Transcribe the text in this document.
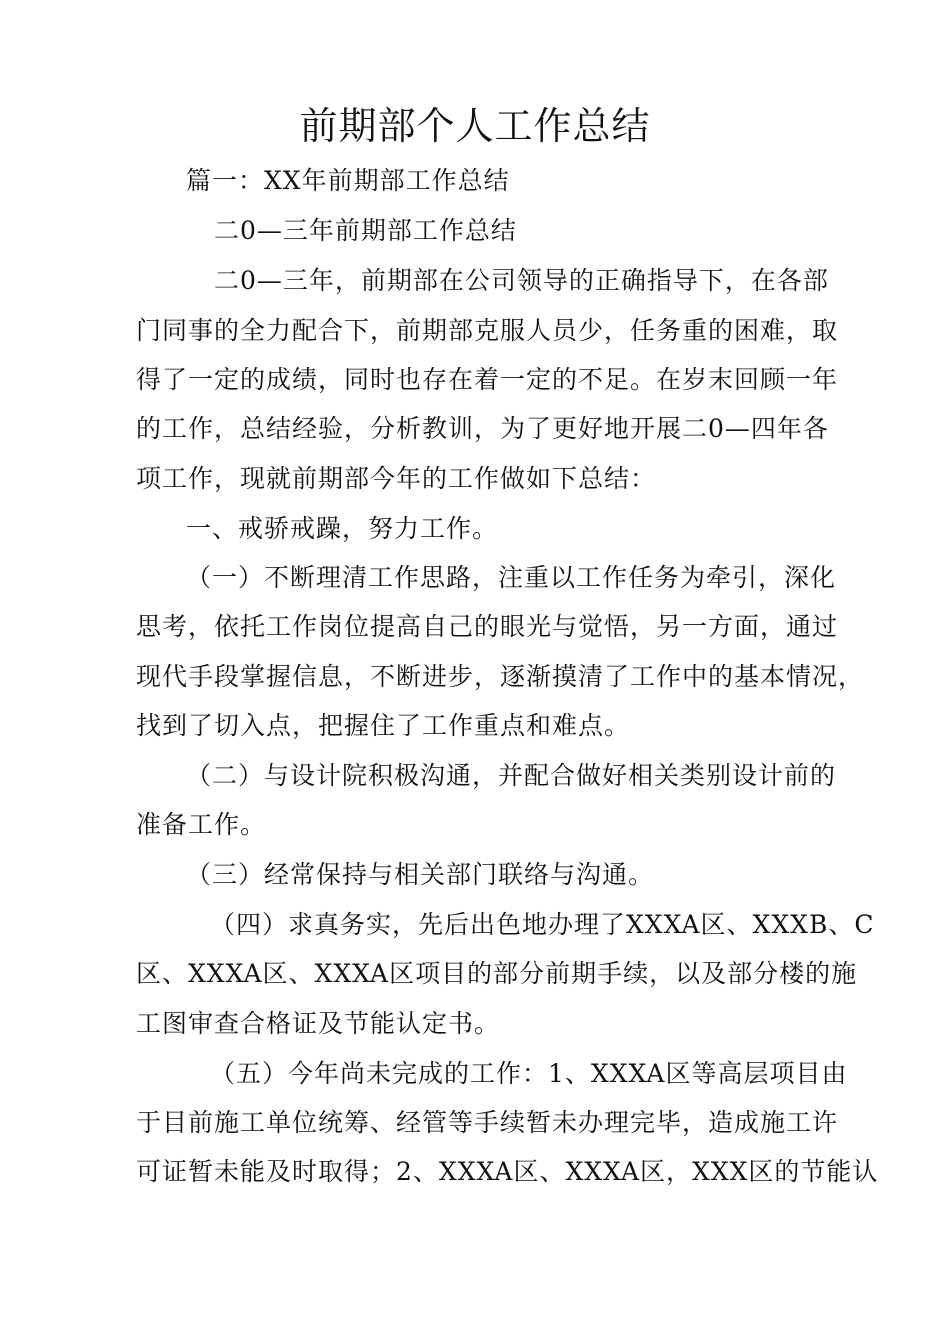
前期部个人工作总结
篇一：XX年前期部工作总结
二0—三年前期部工作总结
二0—三年，前期部在公司领导的正确指导下，在各部
门同事的全力配合下，前期部克服人员少，任务重的困难，取
得了一定的成绩，同时也存在着一定的不足。在岁末回顾一年
的工作，总结经验，分析教训，为了更好地开展二0—四年各
项工作，现就前期部今年的工作做如下总结：
一、戒骄戒躁，努力工作。
（一）不断理清工作思路，注重以工作任务为牵引，深化
思考，依托工作岗位提高自己的眼光与觉悟，另一方面，通过
现代手段掌握信息，不断进步，逐渐摸清了工作中的基本情况，
找到了切入点，把握住了工作重点和难点。
（二）与设计院积极沟通，并配合做好相关类别设计前的
准备工作。
（三）经常保持与相关部门联络与沟通。
（四）求真务实，先后出色地办理了XXXA区、XXXB、C
区、XXXA区、XXXA区项目的部分前期手续，以及部分楼的施
工图审查合格证及节能认定书。
（五）今年尚未完成的工作：1、XXXA区等高层项目由
于目前施工单位统筹、经管等手续暂未办理完毕，造成施工许
可证暂未能及时取得；2、XXXA区、XXXA区，XXX区的节能认
